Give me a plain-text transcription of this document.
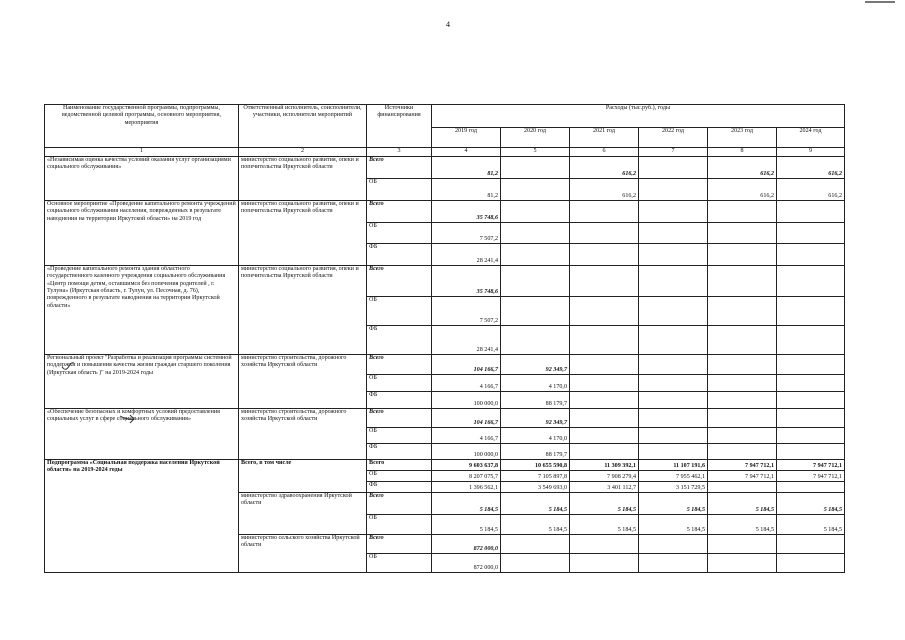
4
Наименование государственной программы, подпрограммы, ведомственной целевой программы, основного мероприятия, мероприятия	Ответственный исполнитель, соисполнители, участники, исполнители мероприятий	Источники финансирования	Расходы (тыс.руб.), годы					
			2019 год	2020 год	2021 год	2022 год	2023 год	2024 год
1	2	3	4	5	6	7	8	9
«Независимая оценка качества условий оказания услуг организациями социального обслуживания»	министерство социального развития, опеки и попечительства Иркутской области	Всего	81,2		616,2		616,2	616,2
		ОБ	81,2		616,2		616,2	616,2
Основное мероприятие «Проведение капитального ремонта учреждений социального обслуживания населения, поврежденных в результате наводнения на территории Иркутской области» на 2019 год	министерство социального развития, опеки и попечительства Иркутской области	Всего	35 748,6					
		ОБ	7 507,2					
		ФБ	28 241,4					
«Проведение капитального ремонта здания областного государственного казенного учреждения социального обслуживания «Центр помощи детям, оставшимся без попечения родителей , г. Тулуна» (Иркутская область, г. Тулун, ул. Песочная, д. 76), поврежденного в результате наводнения на территории Иркутской области»	министерство социального развития, опеки и попечительства Иркутской области	Всего	35 748,6					
		ОБ	7 507,2					
		ФБ	28 241,4					
Региональный проект "Разработка и реализация программы системной поддержки и повышения качества жизни граждан старшего поколения (Иркутская область )" на 2019-2024 годы	министерство строительства, дорожного хозяйства Иркутской области	Всего	104 166,7	92 349,7				
		ОБ	4 166,7	4 170,0				
		ФБ	100 000,0	88 179,7				
«Обеспечение безопасных и комфортных условий предоставления социальных услуг в сфере социального обслуживания»	министерство строительства, дорожного хозяйства Иркутской области	Всего	104 166,7	92 349,7				
		ОБ	4 166,7	4 170,0				
		ФБ	100 000,0	88 179,7				
Подпрограмма «Социальная поддержка населения Иркутской области» на 2019-2024 годы	Всего, в том числе	Всего	9 603 637,8	10 655 590,8	11 309 392,1	11 107 191,6	7 947 712,1	7 947 712,1
		ОБ	8 207 075,7	7 105 897,8	7 908 279,4	7 955 462,1	7 947 712,1	7 947 712,1
		ФБ	1 396 562,1	3 549 693,0	3 401 112,7	3 151 729,5		
	министерство здравоохранения Иркутской области	Всего	5 184,5	5 184,5	5 184,5	5 184,5	5 184,5	5 184,5
		ОБ	5 184,5	5 184,5	5 184,5	5 184,5	5 184,5	5 184,5
	министерство сельского хозяйства Иркутской области	Всего	872 000,0					
		ОБ	872 000,0					
